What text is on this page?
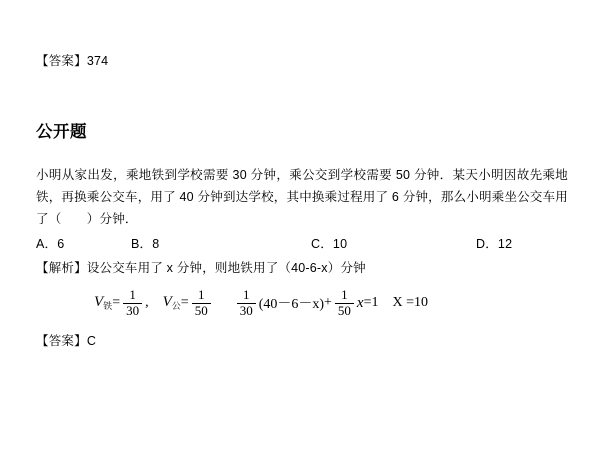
【答案】374
公开题
小明从家出发，乘地铁到学校需要 30 分钟，乘公交到学校需要 50 分钟．某天小明因故先乘地铁，再换乘公交车，用了 40 分钟到达学校，其中换乘过程用了 6 分钟，那么小明乘坐公交车用了（　　）分钟．
A．6	B．8	C．10	D．12
【解析】设公交车用了 x 分钟，则地铁用了（40-6-x）分钟
$V_铁 = \frac{1}{30}$ , $V_公 = \frac{1}{50} \frac{1}{30} (40-6-x) + \frac{1}{50}$ x =1 X =10
【答案】C
